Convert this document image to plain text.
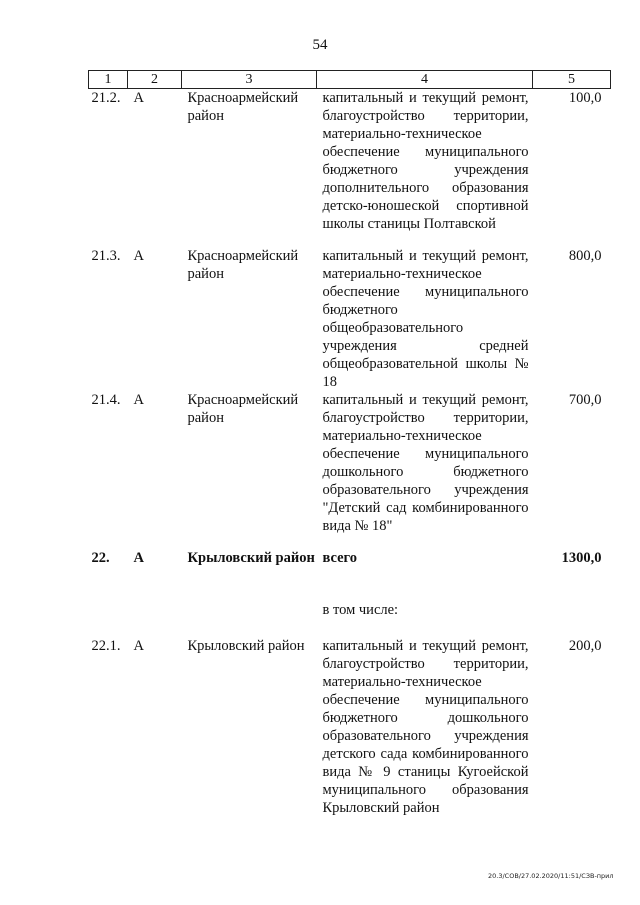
54
1	2	3	4	5
21.2.	А	Красноармейский район	капитальный и текущий ремонт, благоустройство территории, материально-техническое обеспечение муниципального бюджетного учреждения дополнительного образования детско-юношеской спортивной школы станицы Полтавской	100,0
21.3.	А	Красноармейский район	капитальный и текущий ремонт, материально-техническое обеспечение муниципального бюджетного общеобразовательного учреждения средней общеобразовательной школы № 18	800,0
21.4.	А	Красноармейский район	капитальный и текущий ремонт, благоустройство территории, материально-техническое обеспечение муниципального дошкольного бюджетного образовательного учреждения "Детский сад комбинированного вида № 18"	700,0
22.	А	Крыловский район	всего	1300,0
			в том числе:	
22.1.	А	Крыловский район	капитальный и текущий ремонт, благоустройство территории, материально-техническое обеспечение муниципального бюджетного дошкольного образовательного учреждения детского сада комбинированного вида № 9 станицы Кугоейской муниципального образования Крыловский район	200,0
20.3/СОВ/27.02.2020/11:51/СЗВ-прил
